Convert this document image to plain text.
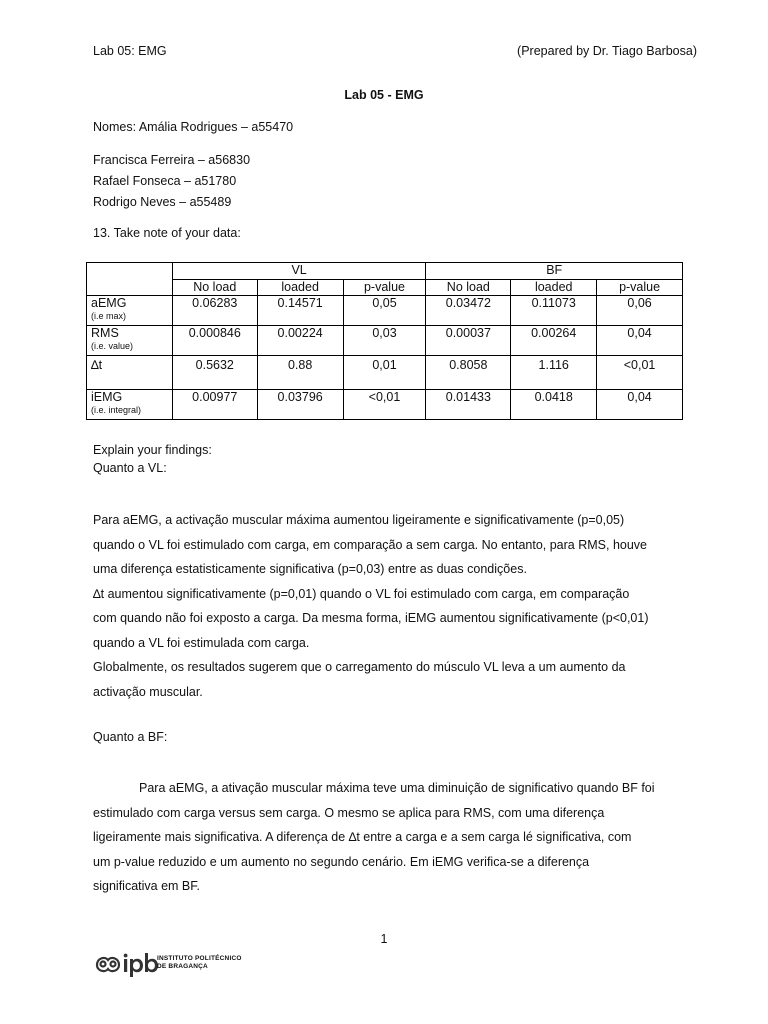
Lab 05: EMG	(Prepared by Dr. Tiago Barbosa)
Lab 05 - EMG
Nomes: Amália Rodrigues – a55470
Francisca Ferreira – a56830
Rafael Fonseca – a51780
Rodrigo Neves – a55489
13. Take note of your data:
	VL			BF		
	No load	loaded	p-value	No load	loaded	p-value
aEMG
(i.e max)	0.06283	0.14571	0,05	0.03472	0.11073	0,06
RMS
(i.e. value)	0.000846	0.00224	0,03	0.00037	0.00264	0,04
∆t	0.5632	0.88	0,01	0.8058	1.116	<0,01
iEMG
(i.e. integral)	0.00977	0.03796	<0,01	0.01433	0.0418	0,04
Explain your findings:
Quanto a VL:

Para aEMG, a activação muscular máxima aumentou ligeiramente e significativamente (p=0,05)

quando o VL foi estimulado com carga, em comparação a sem carga. No entanto, para RMS, houve

uma diferença estatisticamente significativa (p=0,03) entre as duas condições.

∆t aumentou significativamente (p=0,01) quando o VL foi estimulado com carga, em comparação

com quando não foi exposto a carga. Da mesma forma, iEMG aumentou significativamente (p<0,01)

quando a VL foi estimulada com carga.

Globalmente, os resultados sugerem que o carregamento do músculo VL leva a um aumento da

activação muscular.

Quanto a BF:

Para aEMG, a ativação muscular máxima teve uma diminuição de significativo quando BF foi

estimulado com carga versus sem carga. O mesmo se aplica para RMS, com uma diferença

ligeiramente mais significativa. A diferença de ∆t entre a carga e a sem carga lé significativa, com

um p-value reduzido e um aumento no segundo cenário. Em iEMG verifica-se a diferença

significativa em BF.

1
INSTITUTO POLITÉCNICO
DE BRAGANÇA
